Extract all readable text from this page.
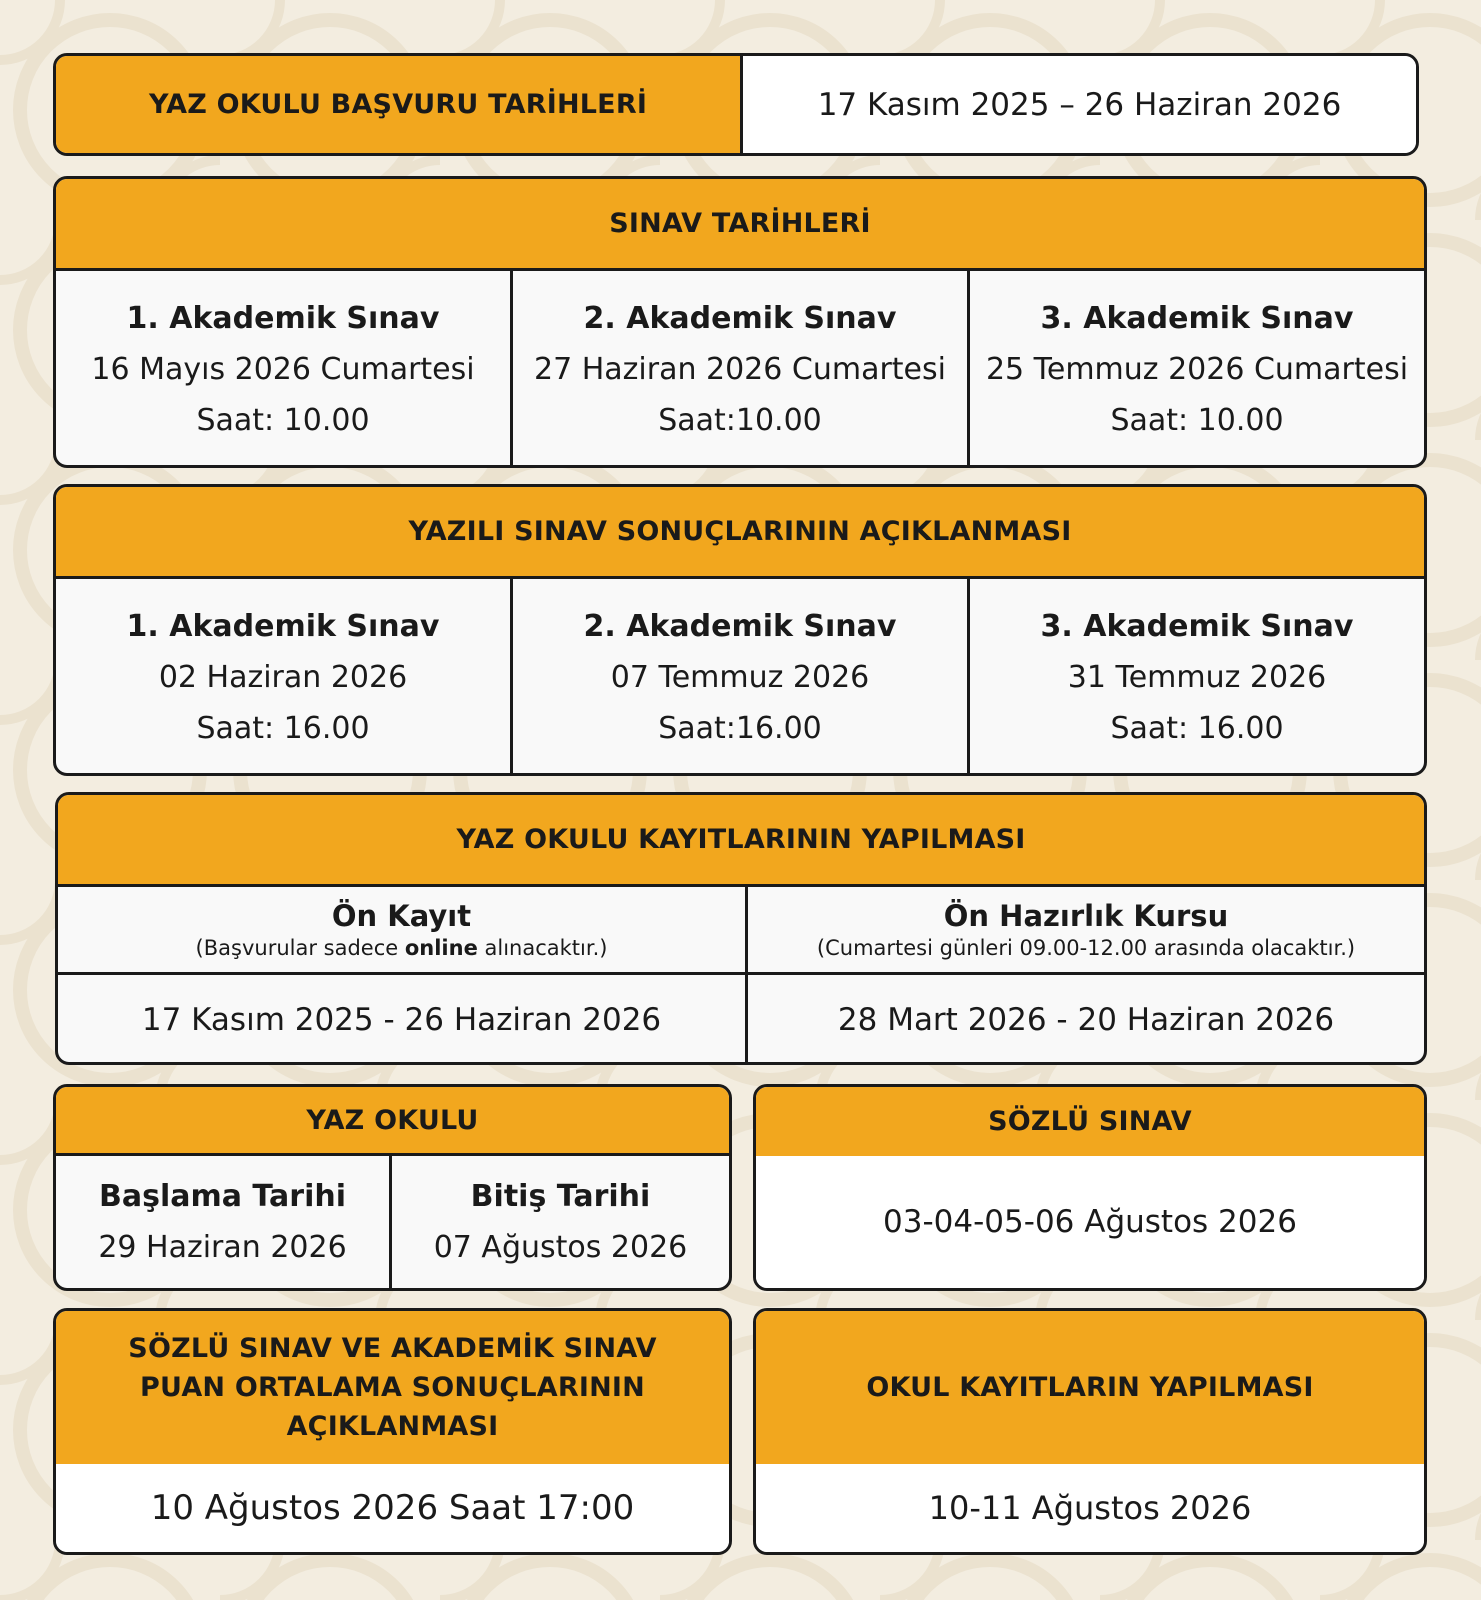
YAZ OKULU BAŞVURU TARİHLERİ	17 Kasım 2025 – 26 Haziran 2026
SINAV TARİHLERİ
1. Akademik Sınav
16 Mayıs 2026 Cumartesi
Saat: 10.00
2. Akademik Sınav
27 Haziran 2026 Cumartesi
Saat:10.00
3. Akademik Sınav
25 Temmuz 2026 Cumartesi
Saat: 10.00
YAZILI SINAV SONUÇLARININ AÇIKLANMASI
1. Akademik Sınav
02 Haziran 2026
Saat: 16.00
2. Akademik Sınav
07 Temmuz 2026
Saat:16.00
3. Akademik Sınav
31 Temmuz 2026
Saat: 16.00
YAZ OKULU KAYITLARININ YAPILMASI
Ön Kayıt
(Başvurular sadece online alınacaktır.)
Ön Hazırlık Kursu
(Cumartesi günleri 09.00-12.00 arasında olacaktır.)
17 Kasım 2025 - 26 Haziran 2026	28 Mart 2026 - 20 Haziran 2026
YAZ OKULU
Başlama Tarihi
29 Haziran 2026
Bitiş Tarihi
07 Ağustos 2026
SÖZLÜ SINAV
03-04-05-06 Ağustos 2026
SÖZLÜ SINAV VE AKADEMİK SINAV
PUAN ORTALAMA SONUÇLARININ
AÇIKLANMASI
10 Ağustos 2026 Saat 17:00
OKUL KAYITLARIN YAPILMASI
10-11 Ağustos 2026
